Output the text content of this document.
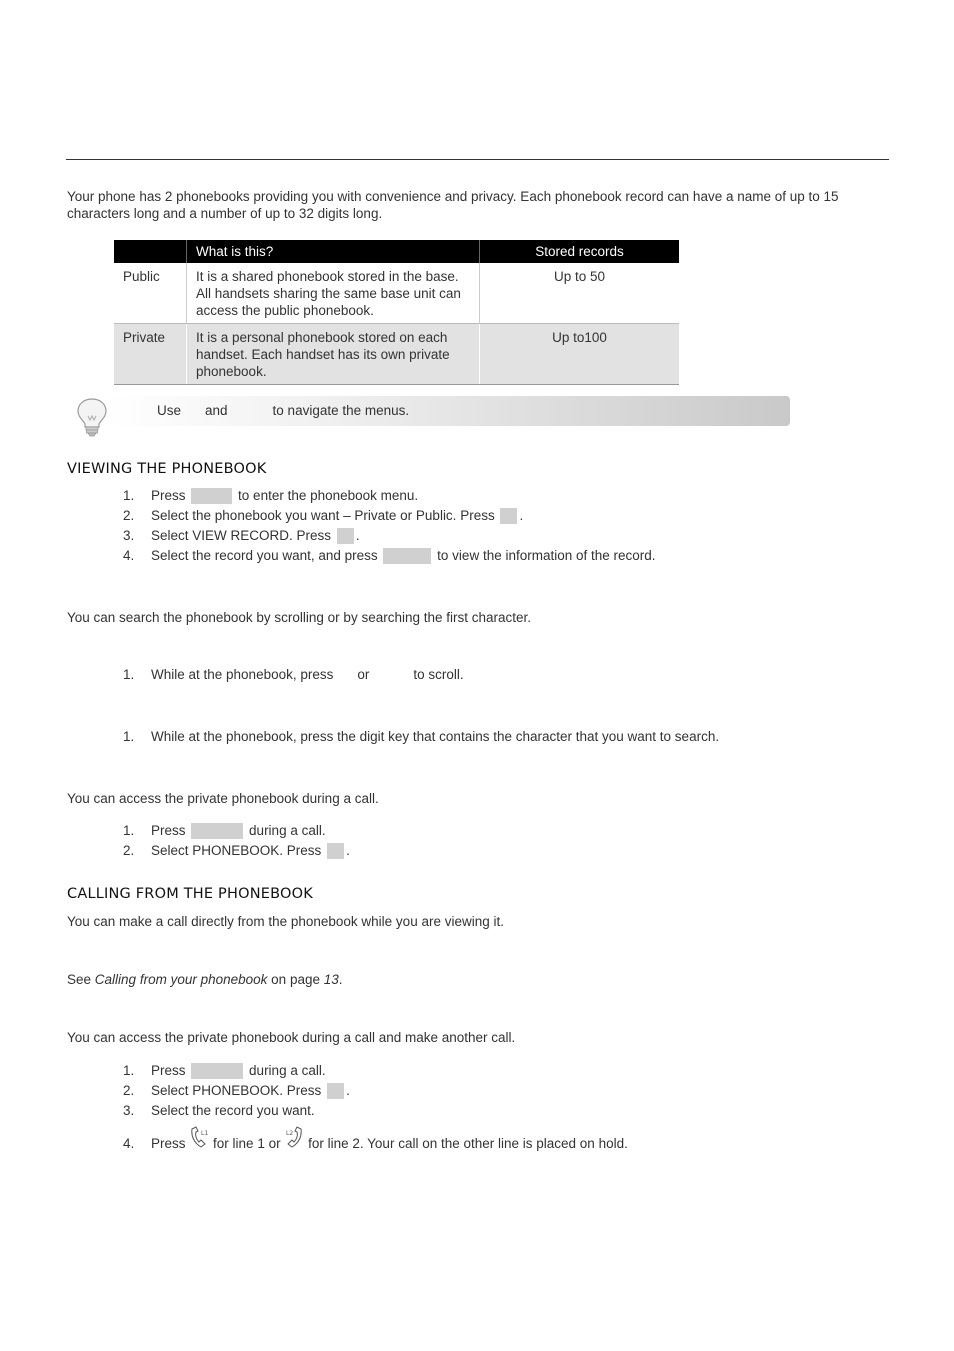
Your phone has 2 phonebooks providing you with convenience and privacy. Each phonebook record can have a name of up to 15 characters long and a number of up to 32 digits long.
	What is this?	Stored records
Public	It is a shared phonebook stored in the base. All handsets sharing the same base unit can access the public phonebook.	Up to 50
Private	It is a personal phonebook stored on each handset. Each handset has its own private phonebook.	Up to100
Use and	to navigate the menus.
VIEWING THE PHONEBOOK
1. Press	to enter the phonebook menu.
2. Select the phonebook you want – Private or Public. Press .
3. Select VIEW RECORD. Press .
4. Select the record you want, and press	to view the information of the record.
You can search the phonebook by scrolling or by searching the first character.
1. While at the phonebook, press or	to scroll.
1. While at the phonebook, press the digit key that contains the character that you want to search.
You can access the private phonebook during a call.
1. Press	during a call.
2. Select PHONEBOOK. Press .
CALLING FROM THE PHONEBOOK
You can make a call directly from the phonebook while you are viewing it.
See Calling from your phonebook on page 13.
You can access the private phonebook during a call and make another call.
1. Press	during a call.
2. Select PHONEBOOK. Press .
3. Select the record you want.
4. Press
L1
for line 1 or
L2
for line 2. Your call on the other line is placed on hold.
